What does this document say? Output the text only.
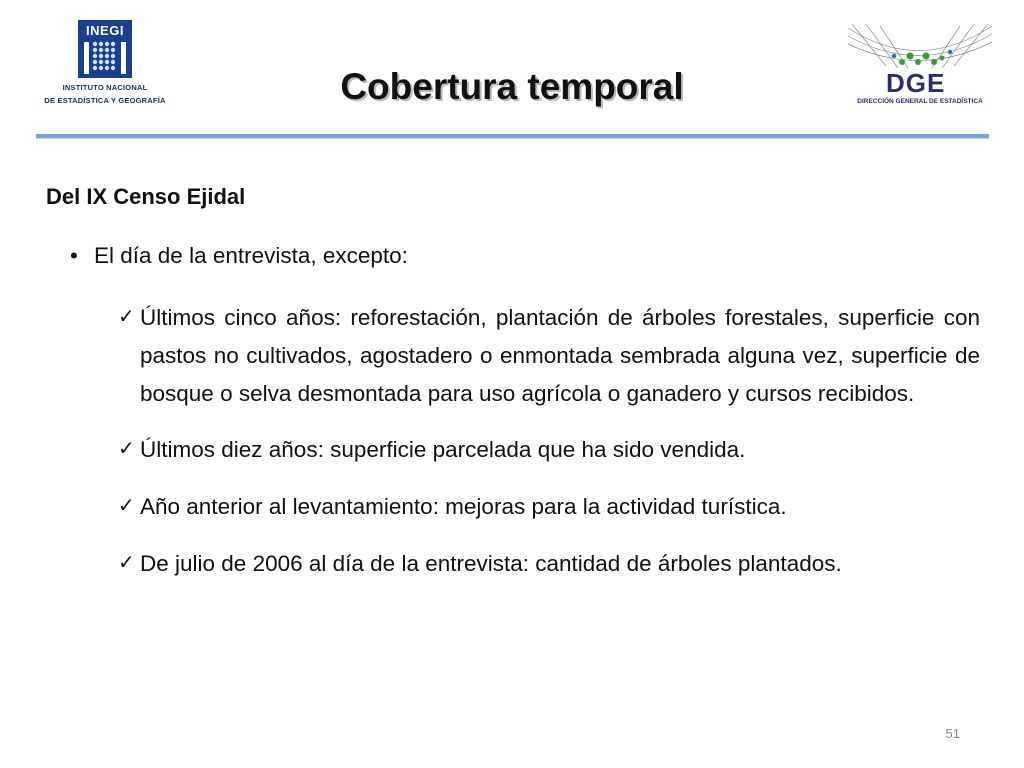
INEGI
INSTITUTO NACIONAL
DE ESTADÍSTICA Y GEOGRAFÍA	Cobertura temporal	DGE
DIRECCIÓN GENERAL DE ESTADÍSTICA
Del IX Censo Ejidal
• El día de la entrevista, excepto:
✓ Últimos cinco años: reforestación, plantación de árboles forestales, superficie con pastos no cultivados, agostadero o enmontada sembrada alguna vez, superficie de bosque o selva desmontada para uso agrícola o ganadero y cursos recibidos.
✓ Últimos diez años: superficie parcelada que ha sido vendida.
✓ Año anterior al levantamiento: mejoras para la actividad turística.
✓ De julio de 2006 al día de la entrevista: cantidad de árboles plantados.
51
